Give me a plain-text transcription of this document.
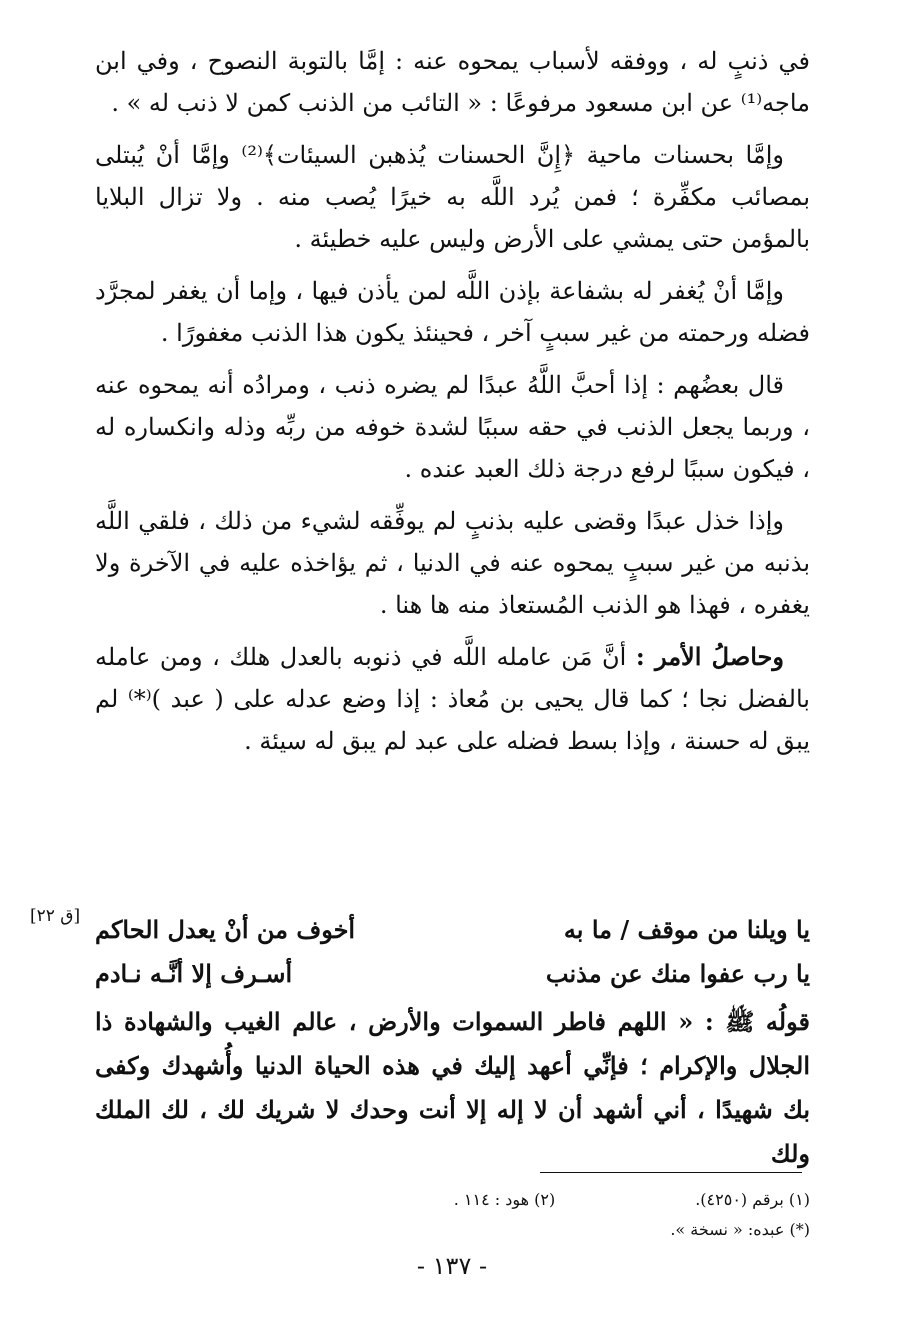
في ذنبٍ له ، ووفقه لأسباب يمحوه عنه : إمَّا بالتوبة النصوح ، وفي ابن ماجه⁽¹⁾ عن ابن مسعود مرفوعًا : « التائب من الذنب كمن لا ذنب له » .

وإمَّا بحسنات ماحية ﴿إِنَّ الحسنات يُذهبن السيئات﴾⁽²⁾ وإمَّا أنْ يُبتلى بمصائب مكفِّرة ؛ فمن يُرد اللَّه به خيرًا يُصب منه . ولا تزال البلايا بالمؤمن حتى يمشي على الأرض وليس عليه خطيئة .

وإمَّا أنْ يُغفر له بشفاعة بإذن اللَّه لمن يأذن فيها ، وإما أن يغفر لمجرَّد فضله ورحمته من غير سببٍ آخر ، فحينئذ يكون هذا الذنب مغفورًا .

قال بعضُهم : إذا أحبَّ اللَّهُ عبدًا لم يضره ذنب ، ومرادُه أنه يمحوه عنه ، وربما يجعل الذنب في حقه سببًا لشدة خوفه من ربِّه وذله وانكساره له ، فيكون سببًا لرفع درجة ذلك العبد عنده .

وإذا خذل عبدًا وقضى عليه بذنبٍ لم يوفِّقه لشيء من ذلك ، فلقي اللَّه بذنبه من غير سببٍ يمحوه عنه في الدنيا ، ثم يؤاخذه عليه في الآخرة ولا يغفره ، فهذا هو الذنب المُستعاذ منه ها هنا .

وحاصلُ الأمر : أنَّ مَن عامله اللَّه في ذنوبه بالعدل هلك ، ومن عامله بالفضل نجا ؛ كما قال يحيى بن مُعاذ : إذا وضع عدله على ( عبد )⁽*⁾ لم يبق له حسنة ، وإذا بسط فضله على عبد لم يبق له سيئة .

[ق ٢٢]	يا ويلنا من موقف / ما به
أخوف من أنْ يعدل الحاكم
يا رب عفوا منك عن مذنب
أسـرف إلا أنَّـه نـادم
قولُه ﷺ : « اللهم فاطر السموات والأرض ، عالم الغيب والشهادة ذا الجلال والإكرام ؛ فإنِّي أعهد إليك في هذه الحياة الدنيا وأُشهدك وكفى بك شهيدًا ، أني أشهد أن لا إله إلا أنت وحدك لا شريك لك ، لك الملك ولك
(١) برقم (٤٢٥٠).
(٢) هود : ١١٤ .
(*) عبده: « نسخة ».
- ١٣٧ -
